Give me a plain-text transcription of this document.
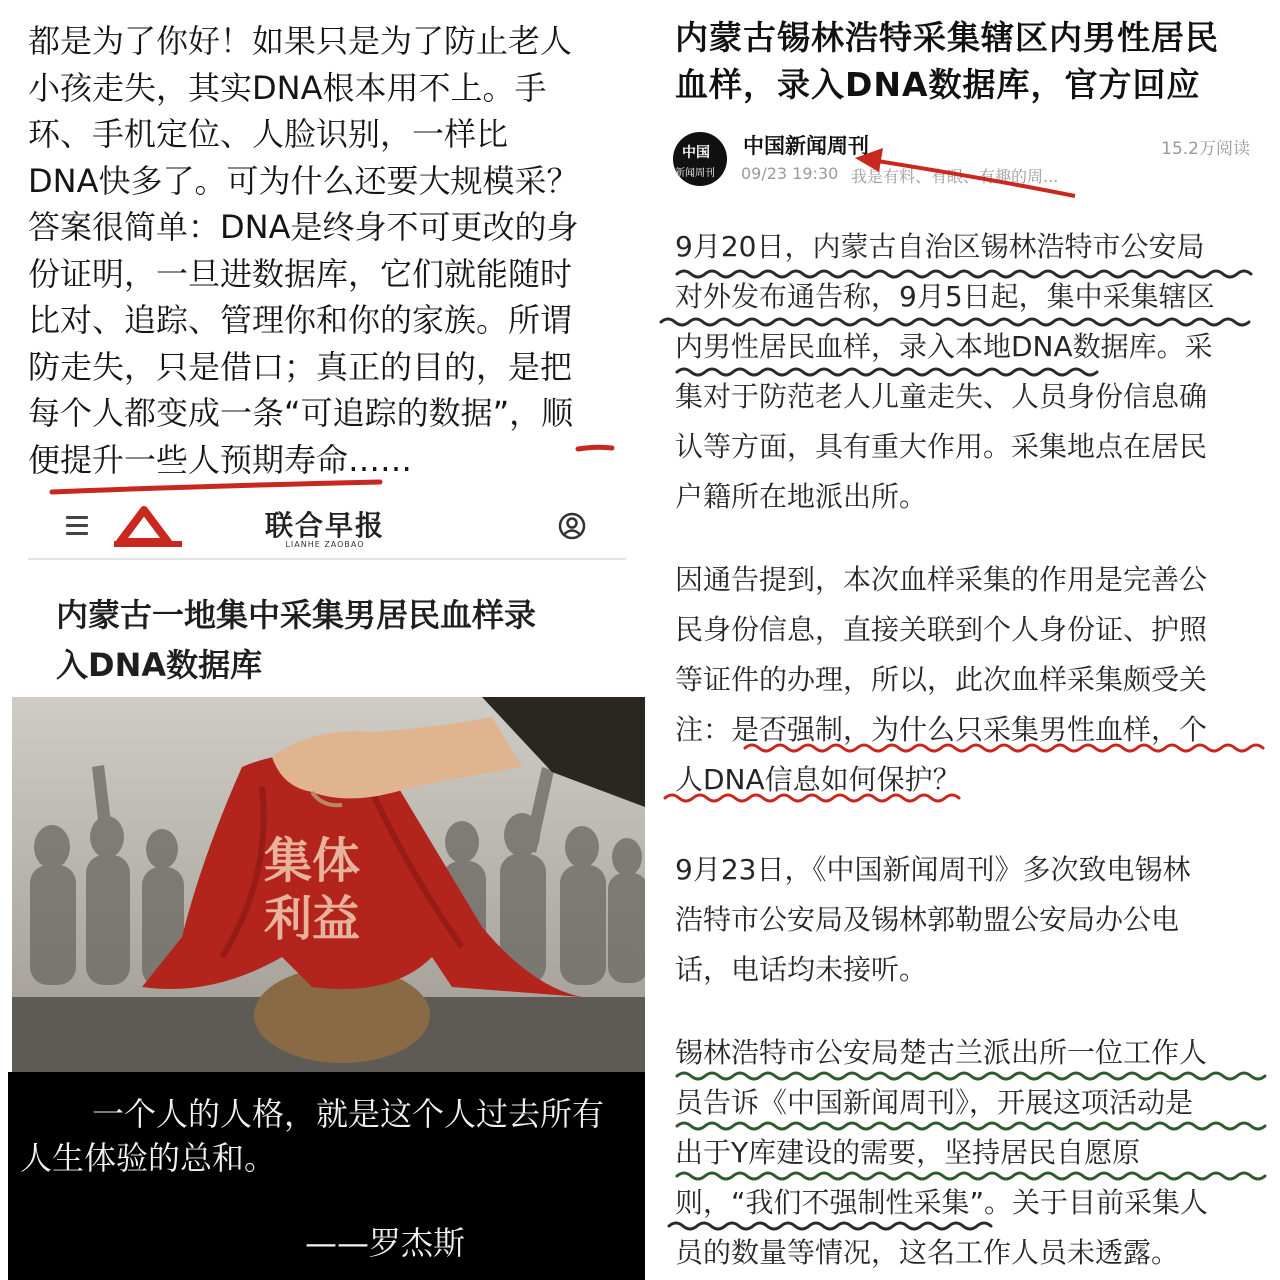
都是为了你好！如果只是为了防止老人
小孩走失，其实DNA根本用不上。手
环、手机定位、人脸识别，一样比
DNA快多了。可为什么还要大规模采？
答案很简单：DNA是终身不可更改的身
份证明，一旦进数据库，它们就能随时
比对、追踪、管理你和你的家族。所谓
防走失，只是借口；真正的目的，是把
每个人都变成一条“可追踪的数据”，顺
便提升一些人预期寿命……
联合早报
LIANHE ZAOBAO
内蒙古一地集中采集男居民血样录
入DNA数据库
集体
利益
一个人的人格，就是这个人过去所有人生体验的总和。
——罗杰斯
内蒙古锡林浩特采集辖区内男性居民
血样，录入DNA数据库，官方回应
中国
新闻周刊
中国新闻周刊	15.2万阅读
09/23 19:30 我是有料、有眼、有趣的周...
9月20日，内蒙古自治区锡林浩特市公安局
对外发布通告称，9月5日起，集中采集辖区
内男性居民血样，录入本地DNA数据库。采
集对于防范老人儿童走失、人员身份信息确
认等方面，具有重大作用。采集地点在居民
户籍所在地派出所。
因通告提到，本次血样采集的作用是完善公
民身份信息，直接关联到个人身份证、护照
等证件的办理，所以，此次血样采集颇受关
注：是否强制，为什么只采集男性血样，个
人DNA信息如何保护？
9月23日，《中国新闻周刊》多次致电锡林
浩特市公安局及锡林郭勒盟公安局办公电
话，电话均未接听。
锡林浩特市公安局楚古兰派出所一位工作人
员告诉《中国新闻周刊》，开展这项活动是
出于Y库建设的需要，坚持居民自愿原
则，“我们不强制性采集”。关于目前采集人
员的数量等情况，这名工作人员未透露。
